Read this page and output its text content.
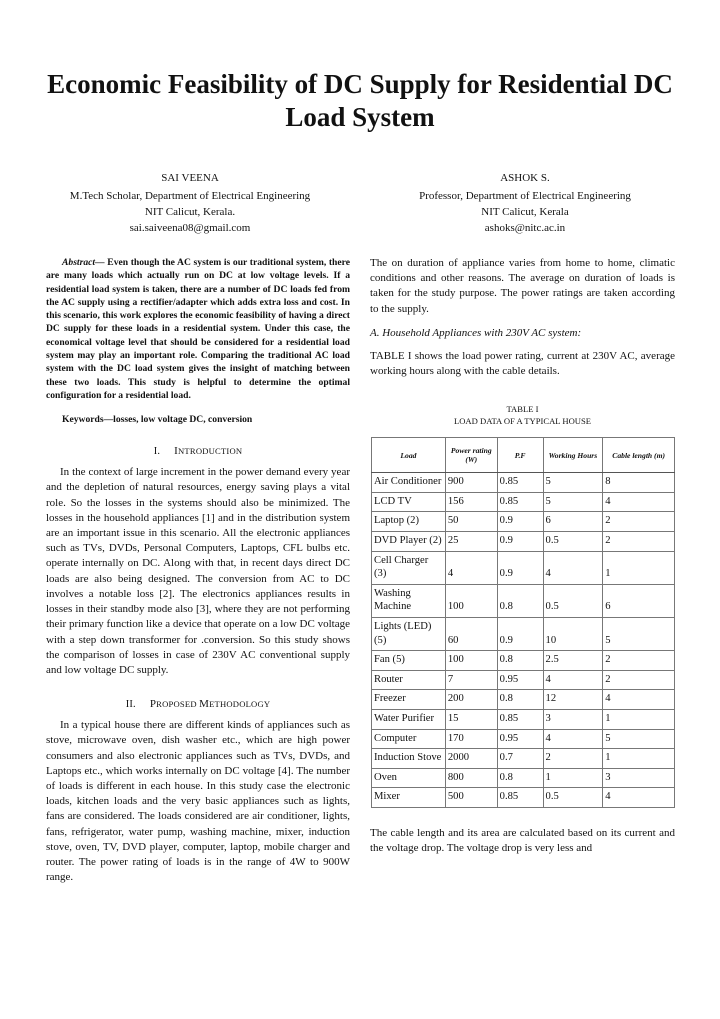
Economic Feasibility of DC Supply for Residential DC Load System
SAI VEENA
M.Tech Scholar, Department of Electrical Engineering
NIT Calicut, Kerala.
sai.saiveena08@gmail.com
ASHOK S.
Professor, Department of Electrical Engineering
NIT Calicut, Kerala
ashoks@nitc.ac.in

Abstract— Even though the AC system is our traditional system, there are many loads which actually run on DC at low voltage levels. If a residential load system is taken, there are a number of DC loads fed from the AC supply using a rectifier/adapter which adds extra loss and cost. In this scenario, this work explores the economic feasibility of having a direct DC supply for these loads in a residential system. Under this case, the economical voltage level that should be considered for a residential load system may play an important role. Comparing the traditional AC load system with the DC load system gives the insight of matching between these two loads. This study is helpful to determine the optimal configuration for a residential load.

Keywords—losses, low voltage DC, conversion

I. INTRODUCTION

In the context of large increment in the power demand every year and the depletion of natural resources, energy saving plays a vital role. So the losses in the systems should also be minimized. The losses in the household appliances [1] and in the distribution system are an important issue in this scenario. All the electronic appliances such as TVs, DVDs, Personal Computers, Laptops, CFL bulbs etc. operate internally on DC. Along with that, in recent days direct DC loads are also being designed. The conversion from AC to DC involves a notable loss [2]. The electronics appliances results in losses in their standby mode also [3], where they are not performing their primary function like a device that operate on a low DC voltage with a step down transformer for .conversion. So this study shows the comparison of losses in case of 230V AC conventional supply and low voltage DC supply.

II. PROPOSED METHODOLOGY

In a typical house there are different kinds of appliances such as stove, microwave oven, dish washer etc., which are high power consumers and also electronic appliances such as TVs, DVDs, and Laptops etc., which works internally on DC voltage [4]. The number of loads is different in each house. In this study case the electronic loads, kitchen loads and the very basic appliances such as lights, fans are considered. The loads considered are air conditioner, lights, fans, refrigerator, water pump, washing machine, mixer, induction stove, oven, TV, DVD player, computer, laptop, mobile charger and router. The power rating of loads is in the range of 4W to 900W range.

The on duration of appliance varies from home to home, climatic conditions and other reasons. The average on duration of loads is taken for the study purpose. The power ratings are taken according to the supply.

A. Household Appliances with 230V AC system:

TABLE I shows the load power rating, current at 230V AC, average working hours along with the cable details.

TABLE I
LOAD DATA OF A TYPICAL HOUSE
Load	Power rating (W)	P.F	Working Hours	Cable length (m)
Air Conditioner	900	0.85	5	8
LCD TV	156	0.85	5	4
Laptop (2)	50	0.9	6	2
DVD Player (2)	25	0.9	0.5	2
Cell Charger (3)	4	0.9	4	1
Washing Machine	100	0.8	0.5	6
Lights (LED) (5)	60	0.9	10	5
Fan (5)	100	0.8	2.5	2
Router	7	0.95	4	2
Freezer	200	0.8	12	4
Water Purifier	15	0.85	3	1
Computer	170	0.95	4	5
Induction Stove	2000	0.7	2	1
Oven	800	0.8	1	3
Mixer	500	0.85	0.5	4

The cable length and its area are calculated based on its current and the voltage drop. The voltage drop is very less and
